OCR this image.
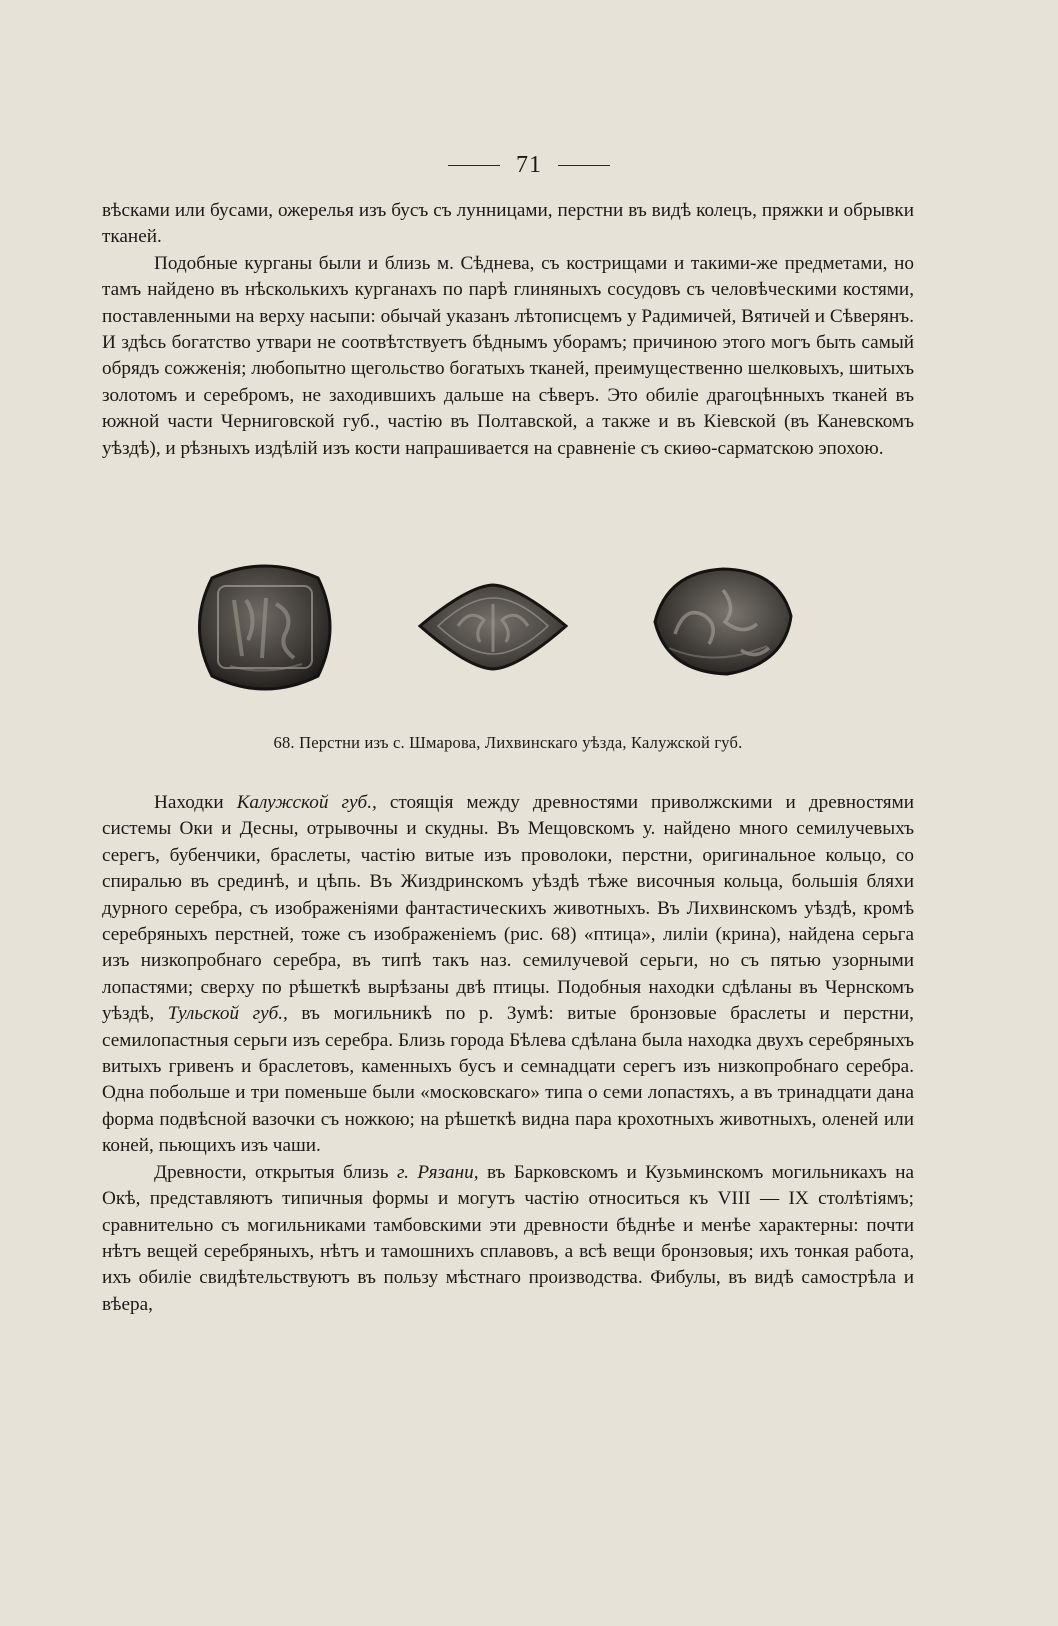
71

вѣсками или бусами, ожерелья изъ бусъ съ лунницами, перстни въ видѣ колецъ, пряжки и обрывки тканей.

Подобные курганы были и близь м. Сѣднева, съ кострищами и такими-же предметами, но тамъ найдено въ нѣсколькихъ курганахъ по парѣ глиняныхъ сосудовъ съ человѣческими костями, поставленными на верху насыпи: обычай указанъ лѣтописцемъ у Радимичей, Вятичей и Сѣверянъ. И здѣсь богатство утвари не соотвѣтствуетъ бѣднымъ уборамъ; причиною этого могъ быть самый обрядъ сожженія; любопытно щегольство богатыхъ тканей, преимущественно шелковыхъ, шитыхъ золотомъ и серебромъ, не заходившихъ дальше на сѣверъ. Это обиліе драгоцѣнныхъ тканей въ южной части Черниговской губ., частію въ Полтавской, а также и въ Кіевской (въ Каневскомъ уѣздѣ), и рѣзныхъ издѣлій изъ кости напрашивается на сравненіе съ скиѳо-сарматскою эпохою.

68. Перстни изъ с. Шмарова, Лихвинскаго уѣзда, Калужской губ.

Находки Калужской губ., стоящія между древностями приволжскими и древностями системы Оки и Десны, отрывочны и скудны. Въ Мещовскомъ у. найдено много семилучевыхъ серегъ, бубенчики, браслеты, частію витые изъ проволоки, перстни, оригинальное кольцо, со спиралью въ срединѣ, и цѣпь. Въ Жиздринскомъ уѣздѣ тѣже височныя кольца, большія бляхи дурного серебра, съ изображеніями фантастическихъ животныхъ. Въ Лихвинскомъ уѣздѣ, кромѣ серебряныхъ перстней, тоже съ изображеніемъ (рис. 68) «птица», лиліи (крина), найдена серьга изъ низкопробнаго серебра, въ типѣ такъ наз. семилучевой серьги, но съ пятью узорными лопастями; сверху по рѣшеткѣ вырѣзаны двѣ птицы. Подобныя находки сдѣланы въ Чернскомъ уѣздѣ, Тульской губ., въ могильникѣ по р. Зумѣ: витые бронзовые браслеты и перстни, семилопастныя серьги изъ серебра. Близь города Бѣлева сдѣлана была находка двухъ серебряныхъ витыхъ гривенъ и браслетовъ, каменныхъ бусъ и семнадцати серегъ изъ низкопробнаго серебра. Одна побольше и три поменьше были «московскаго» типа о семи лопастяхъ, а въ тринадцати дана форма подвѣсной вазочки съ ножкою; на рѣшеткѣ видна пара крохотныхъ животныхъ, оленей или коней, пьющихъ изъ чаши.

Древности, открытыя близь г. Рязани, въ Барковскомъ и Кузьминскомъ могильникахъ на Окѣ, представляютъ типичныя формы и могутъ частію относиться къ VIII — IX столѣтіямъ; сравнительно съ могильниками тамбовскими эти древности бѣднѣе и менѣе характерны: почти нѣтъ вещей серебряныхъ, нѣтъ и тамошнихъ сплавовъ, а всѣ вещи бронзовыя; ихъ тонкая работа, ихъ обиліе свидѣтельствуютъ въ пользу мѣстнаго производства. Фибулы, въ видѣ самострѣла и вѣера,
